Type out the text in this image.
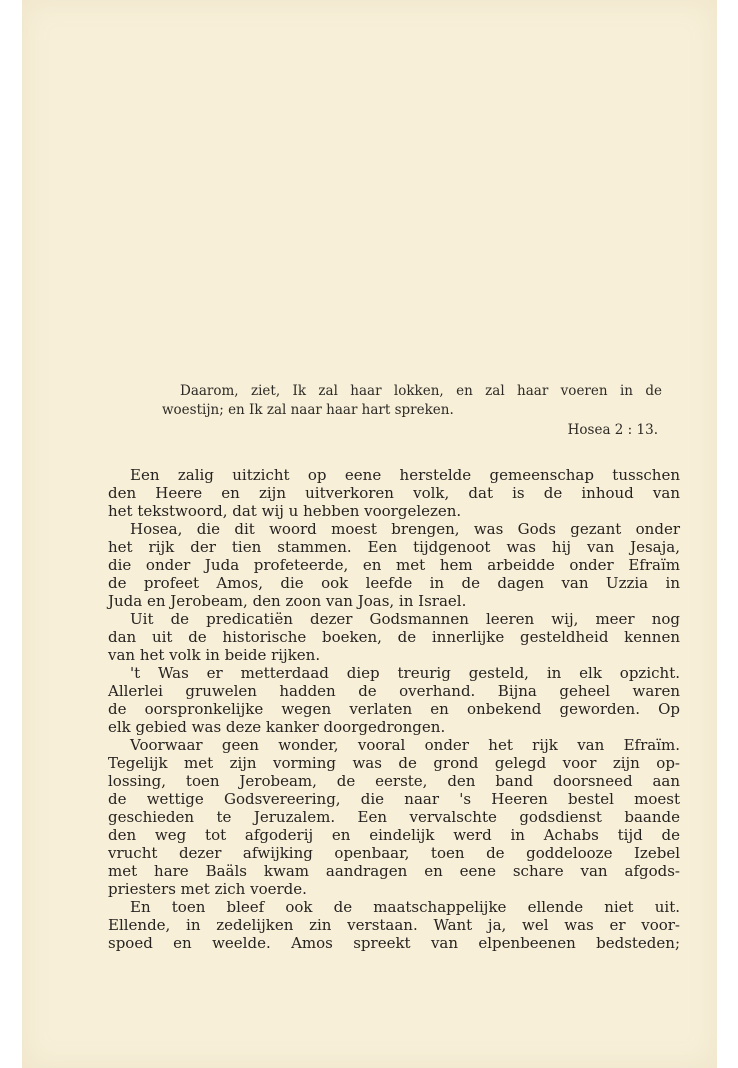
Daarom, ziet, Ik zal haar lokken, en zal haar voeren in de
woestijn; en Ik zal naar haar hart spreken.
Hosea 2 : 13.
Een zalig uitzicht op eene herstelde gemeenschap tusschen
den Heere en zijn uitverkoren volk, dat is de inhoud van
het tekstwoord, dat wij u hebben voorgelezen.
Hosea, die dit woord moest brengen, was Gods gezant onder
het rijk der tien stammen. Een tijdgenoot was hij van Jesaja,
die onder Juda profeteerde, en met hem arbeidde onder Efraïm
de profeet Amos, die ook leefde in de dagen van Uzzia in
Juda en Jerobeam, den zoon van Joas, in Israel.
Uit de predicatiën dezer Godsmannen leeren wij, meer nog
dan uit de historische boeken, de innerlijke gesteldheid kennen
van het volk in beide rijken.
't Was er metterdaad diep treurig gesteld, in elk opzicht.
Allerlei gruwelen hadden de overhand. Bijna geheel waren
de oorspronkelijke wegen verlaten en onbekend geworden. Op
elk gebied was deze kanker doorgedrongen.
Voorwaar geen wonder, vooral onder het rijk van Efraïm.
Tegelijk met zijn vorming was de grond gelegd voor zijn op-
lossing, toen Jerobeam, de eerste, den band doorsneed aan
de wettige Godsvereering, die naar 's Heeren bestel moest
geschieden te Jeruzalem. Een vervalschte godsdienst baande
den weg tot afgoderij en eindelijk werd in Achabs tijd de
vrucht dezer afwijking openbaar, toen de goddelooze Izebel
met hare Baäls kwam aandragen en eene schare van afgods-
priesters met zich voerde.
En toen bleef ook de maatschappelijke ellende niet uit.
Ellende, in zedelijken zin verstaan. Want ja, wel was er voor-
spoed en weelde. Amos spreekt van elpenbeenen bedsteden;
